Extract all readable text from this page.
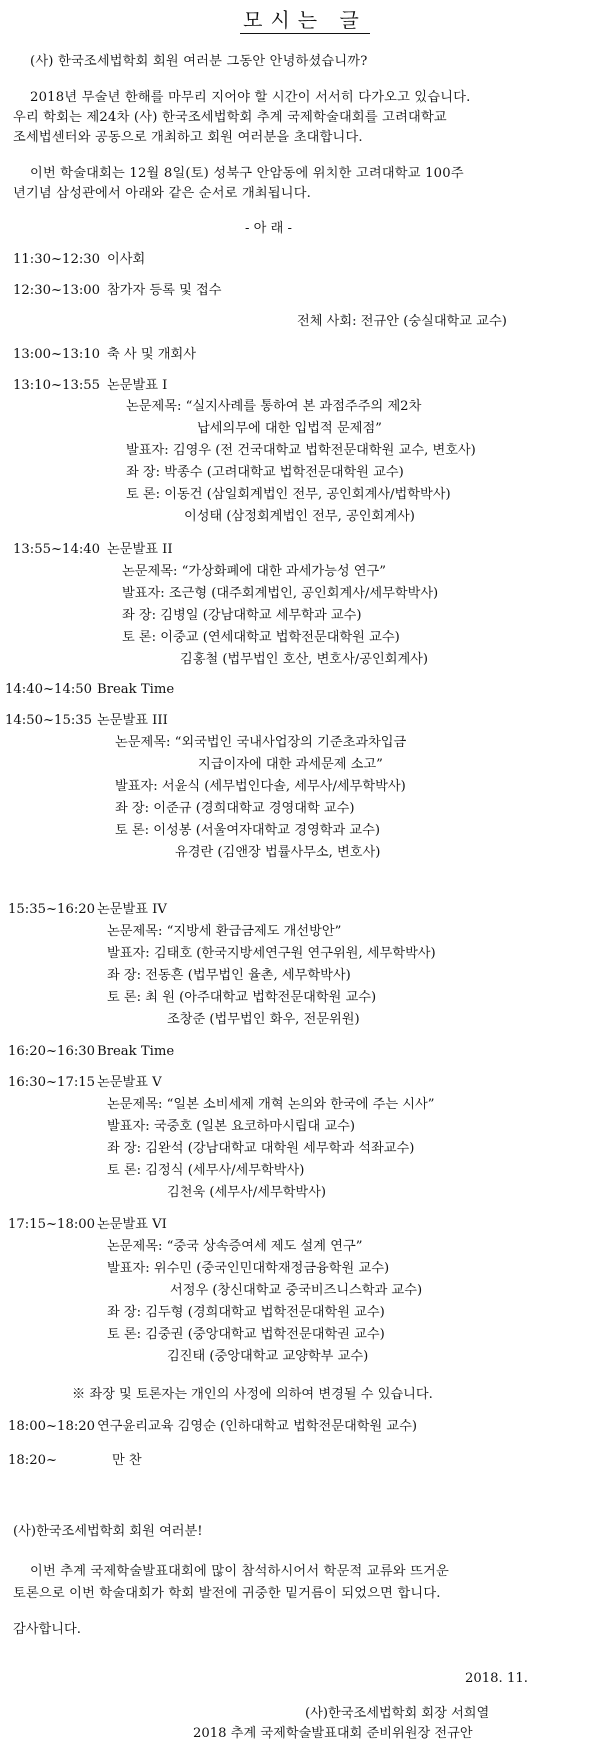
모시는 글
(사) 한국조세법학회 회원 여러분 그동안 안녕하셨습니까?
2018년 무술년 한해를 마무리 지어야 할 시간이 서서히 다가오고 있습니다.
우리 학회는 제24차 (사) 한국조세법학회 추계 국제학술대회를 고려대학교
조세법센터와 공동으로 개최하고 회원 여러분을 초대합니다.
이번 학술대회는 12월 8일(토) 성북구 안암동에 위치한 고려대학교 100주
년기념 삼성관에서 아래와 같은 순서로 개최됩니다.
- 아 래 -
11:30~12:30 이사회
12:30~13:00 참가자 등록 및 접수
전체 사회: 전규안 (숭실대학교 교수)
13:00~13:10 축 사 및 개회사
13:10~13:55 논문발표 I
논문제목: “실지사례를 통하여 본 과점주주의 제2차
납세의무에 대한 입법적 문제점”
발표자: 김영우 (전 건국대학교 법학전문대학원 교수, 변호사)
좌 장: 박종수 (고려대학교 법학전문대학원 교수)
토 론: 이동건 (삼일회계법인 전무, 공인회계사/법학박사)
이성태 (삼정회계법인 전무, 공인회계사)
13:55~14:40 논문발표 II
논문제목: “가상화폐에 대한 과세가능성 연구”
발표자: 조근형 (대주회계법인, 공인회계사/세무학박사)
좌 장: 김병일 (강남대학교 세무학과 교수)
토 론: 이중교 (연세대학교 법학전문대학원 교수)
김홍철 (법무법인 호산, 변호사/공인회계사)
14:40~14:50 Break Time
14:50~15:35 논문발표 III
논문제목: “외국법인 국내사업장의 기준초과차입금
지급이자에 대한 과세문제 소고”
발표자: 서윤식 (세무법인다솔, 세무사/세무학박사)
좌 장: 이준규 (경희대학교 경영대학 교수)
토 론: 이성봉 (서울여자대학교 경영학과 교수)
유경란 (김앤장 법률사무소, 변호사)
15:35~16:20 논문발표 IV
논문제목: “지방세 환급금제도 개선방안”
발표자: 김태호 (한국지방세연구원 연구위원, 세무학박사)
좌 장: 전동흔 (법무법인 율촌, 세무학박사)
토 론: 최 원 (아주대학교 법학전문대학원 교수)
조창준 (법무법인 화우, 전문위원)
16:20~16:30 Break Time
16:30~17:15 논문발표 V
논문제목: “일본 소비세제 개혁 논의와 한국에 주는 시사”
발표자: 국중호 (일본 요코하마시립대 교수)
좌 장: 김완석 (강남대학교 대학원 세무학과 석좌교수)
토 론: 김정식 (세무사/세무학박사)
김천욱 (세무사/세무학박사)
17:15~18:00 논문발표 VI
논문제목: “중국 상속증여세 제도 설계 연구”
발표자: 위수민 (중국인민대학재정금융학원 교수)
서정우 (창신대학교 중국비즈니스학과 교수)
좌 장: 김두형 (경희대학교 법학전문대학원 교수)
토 론: 김중권 (중앙대학교 법학전문대학권 교수)
김진태 (중앙대학교 교양학부 교수)
※ 좌장 및 토론자는 개인의 사정에 의하여 변경될 수 있습니다.
18:00~18:20 연구윤리교육 김영순 (인하대학교 법학전문대학원 교수)
18:20~	만 찬
(사)한국조세법학회 회원 여러분!
이번 추계 국제학술발표대회에 많이 참석하시어서 학문적 교류와 뜨거운
토론으로 이번 학술대회가 학회 발전에 귀중한 밑거름이 되었으면 합니다.
감사합니다.
2018. 11.
(사)한국조세법학회 회장 서희열
2018 추계 국제학술발표대회 준비위원장 전규안
